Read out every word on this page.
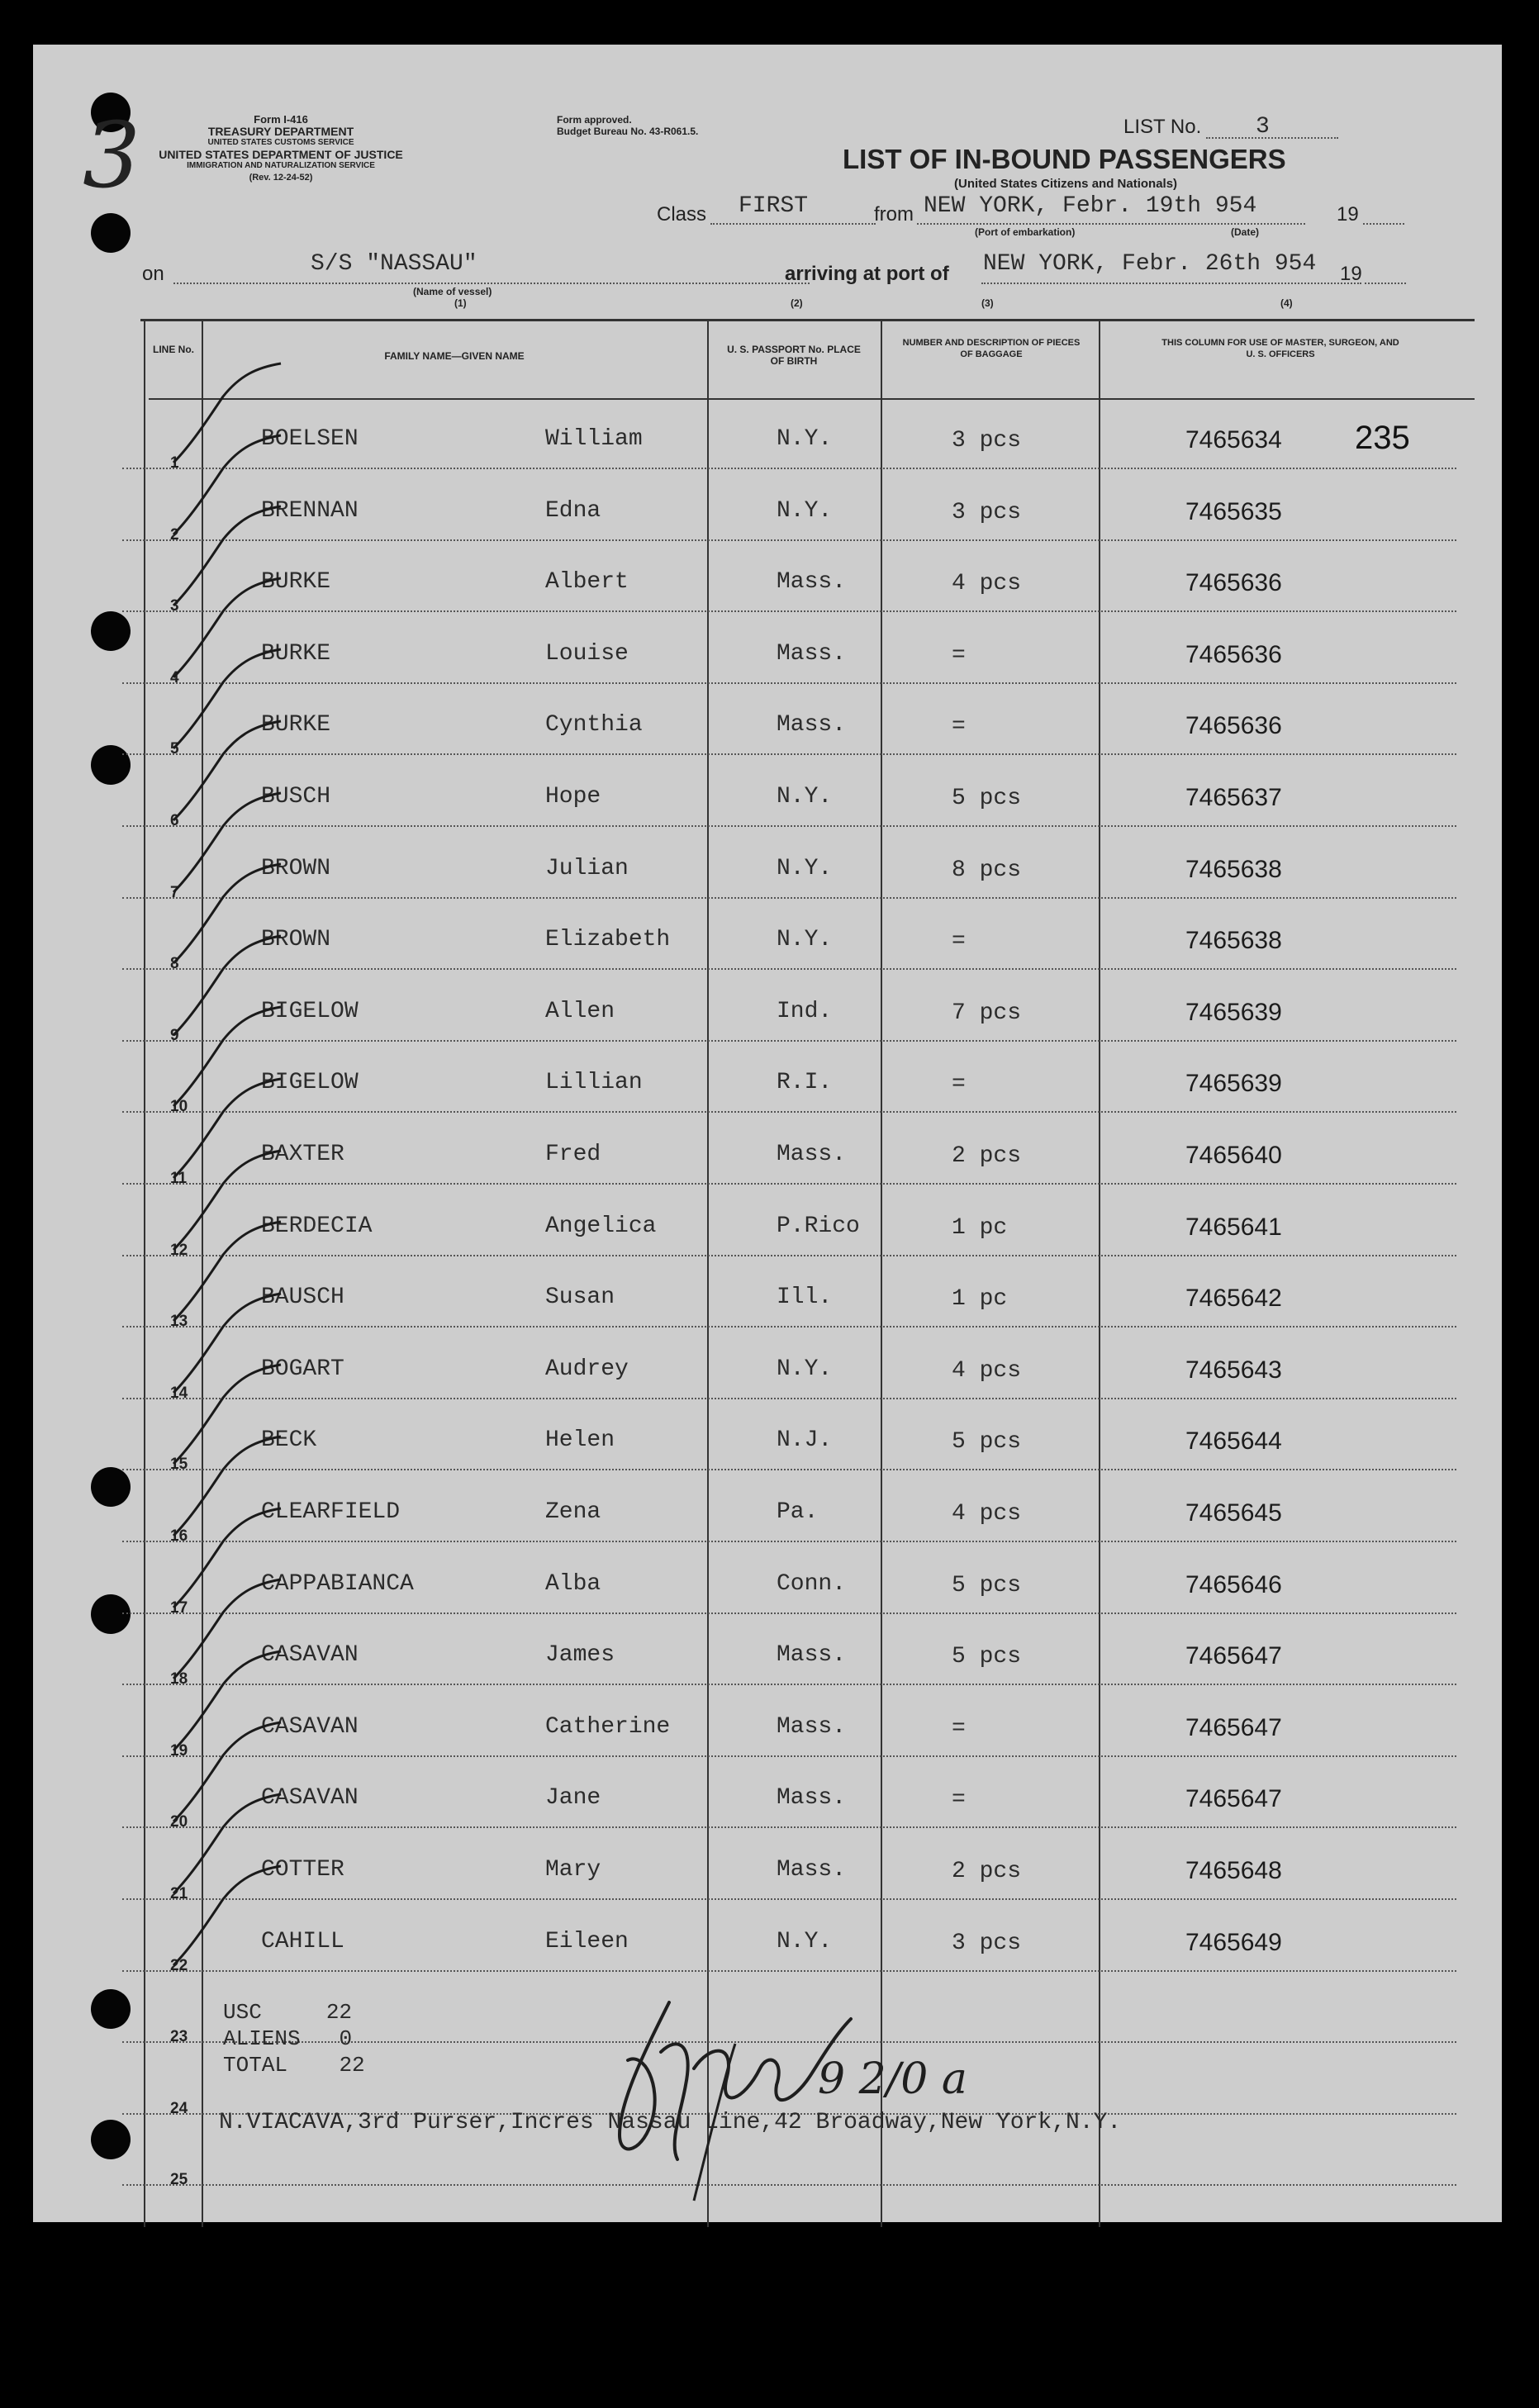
3	Form I-416
TREASURY DEPARTMENT
UNITED STATES CUSTOMS SERVICE
UNITED STATES DEPARTMENT OF JUSTICE
IMMIGRATION AND NATURALIZATION SERVICE
(Rev. 12-24-52)
Form approved.
Budget Bureau No. 43-R061.5.	LIST No. 3
LIST OF IN-BOUND PASSENGERS
(United States Citizens and Nationals)
Class FIRST	from NEW YORK, Febr. 19th 954	19
(Port of embarkation)	(Date)
on	S/S "NASSAU"
(Name of vessel)
(1)
arriving at port of NEW YORK, Febr. 26th 954 19
(2)	(3)	(4)
LINE No.
FAMILY NAME—GIVEN NAME
U. S. PASSPORT No. PLACE OF BIRTH
NUMBER AND DESCRIPTION OF PIECES OF BAGGAGE
THIS COLUMN FOR USE OF MASTER, SURGEON, AND U. S. OFFICERS
1
BOELSEN	William	N.Y.	3 pcs	7465634
2
BRENNAN	Edna	N.Y.	3 pcs	7465635
3
BURKE	Albert	Mass.	4 pcs	7465636
4
BURKE	Louise	Mass.	=	7465636
5
BURKE	Cynthia	Mass.	=	7465636
6
BUSCH	Hope	N.Y.	5 pcs	7465637
7
BROWN	Julian	N.Y.	8 pcs	7465638
8
BROWN	Elizabeth	N.Y.	=	7465638
9
BIGELOW	Allen	Ind.	7 pcs	7465639
10
BIGELOW	Lillian	R.I.	=	7465639
11
BAXTER	Fred	Mass.	2 pcs	7465640
12
BERDECIA	Angelica	P.Rico	1 pc	7465641
13
BAUSCH	Susan	Ill.	1 pc	7465642
14
BOGART	Audrey	N.Y.	4 pcs	7465643
15
BECK	Helen	N.J.	5 pcs	7465644
16
CLEARFIELD	Zena	Pa.	4 pcs	7465645
17
CAPPABIANCA	Alba	Conn.	5 pcs	7465646
18
CASAVAN	James	Mass.	5 pcs	7465647
19
CASAVAN	Catherine	Mass.	=	7465647
20
CASAVAN	Jane	Mass.	=	7465647
21
COTTER	Mary	Mass.	2 pcs	7465648
22
CAHILL	Eileen	N.Y.	3 pcs	7465649
23
24
25
USC	22
ALIENS 0
TOTAL 22	9 2/0 a
N.VIACAVA,3rd Purser,Incres Nassau Line,42 Broadway,New York,N.Y.
235
